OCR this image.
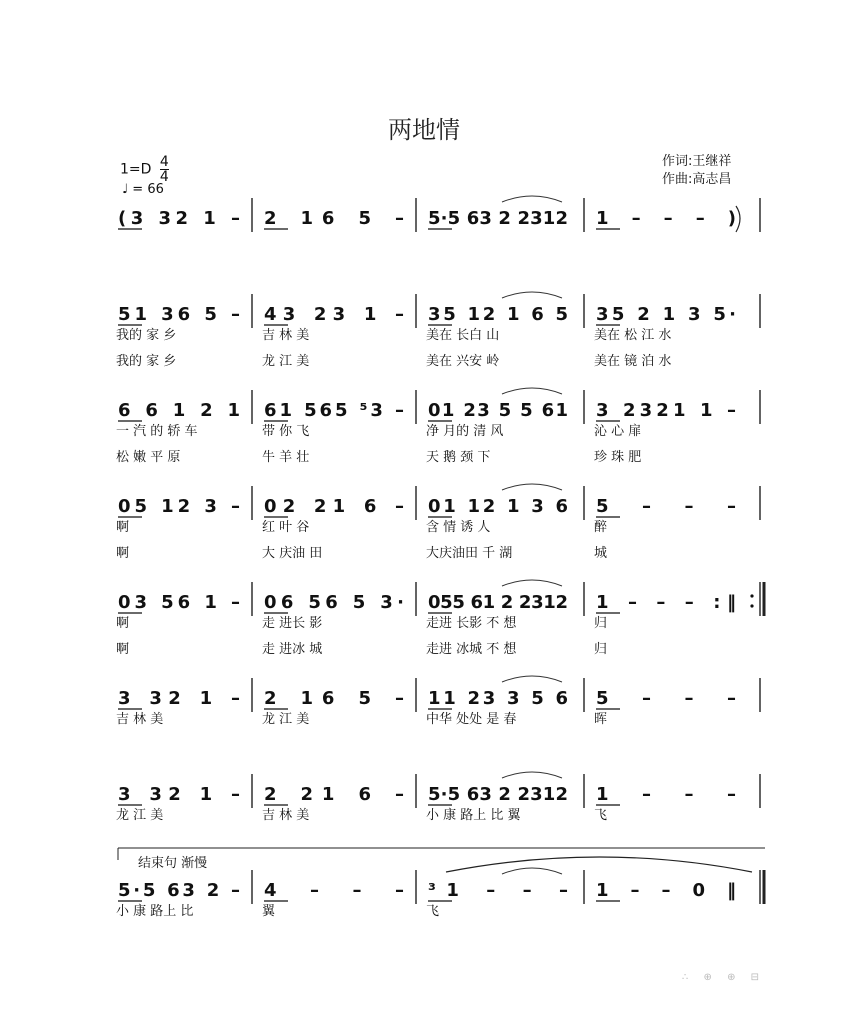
两地情
$1=D \frac{4}{4}$
♩ = 66
作词:王继祥
作曲:高志昌
结束句 渐慢
∴ ⊕ ⊕ ⊟
(3 32 1 – 2 16 5 – 5·5 63 2 2312 1 – – – )
51 36 5 – 43 23 1 – 35 12 1 6 5 35 2 1 3 5·
我的 家 乡	吉 林 美	美在 长白 山	美在 松 江 水
我的 家 乡	龙 江 美	美在 兴安 岭	美在 镜 泊 水
6 6 1 2 1 61 565 ⁵3 – 01 23 5 5 61 3 2321 1 –
一 汽 的 轿 车	带 你 飞	净 月的 清 风	沁 心 扉
松 嫩 平 原	牛 羊 壮	天 鹅 颈 下	珍 珠 肥
05 12 3 – 02 21 6 – 01 12 1 3 6 5 – – –
啊	红 叶 谷	含 情 诱 人	醉
啊	大 庆油 田	大庆油田 千 湖	城
03 56 1 – 06 56 5 3· 055 61 2 2312 1 – – – :‖
啊	走 进长 影	走进 长影 不 想	归
啊	走 进冰 城	走进 冰城 不 想	归
3 32 1 – 2 16 5 – 11 23 3 5 6 5 – – –
吉 林 美	龙 江 美	中华 处处 是 春	晖
3 32 1 – 2 21 6 – 5·5 63 2 2312 1 – – –
龙 江 美	吉 林 美	小 康 路上 比 翼	飞
5·5 63 2 – 4 – – – ³1 – – – 1 – – 0 ‖
小 康 路上 比	翼	飞
